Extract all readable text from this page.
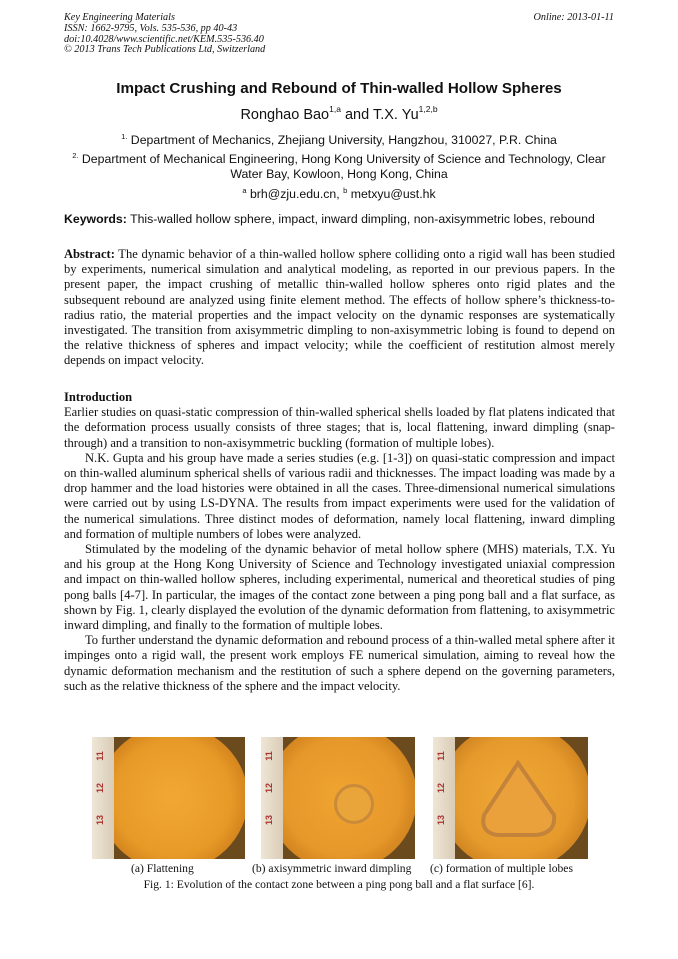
Key Engineering Materials
ISSN: 1662-9795, Vols. 535-536, pp 40-43
doi:10.4028/www.scientific.net/KEM.535-536.40
© 2013 Trans Tech Publications Ltd, Switzerland
Online: 2013-01-11
Impact Crushing and Rebound of Thin-walled Hollow Spheres
Ronghao Bao$^{1,a}$ and T.X. Yu$^{1,2,b}$
$^{1.}$ Department of Mechanics, Zhejiang University, Hangzhou, 310027, P.R. China
$^{2.}$ Department of Mechanical Engineering, Hong Kong University of Science and Technology, Clear Water Bay, Kowloon, Hong Kong, China
$^a$ brh@zju.edu.cn, $^b$ metxyu@ust.hk
Keywords: This-walled hollow sphere, impact, inward dimpling, non-axisymmetric lobes, rebound

Abstract: The dynamic behavior of a thin-walled hollow sphere colliding onto a rigid wall has been studied by experiments, numerical simulation and analytical modeling, as reported in our previous papers. In the present paper, the impact crushing of metallic thin-walled hollow spheres onto rigid plates and the subsequent rebound are analyzed using finite element method. The effects of hollow sphere’s thickness-to-radius ratio, the material properties and the impact velocity on the dynamic responses are systematically investigated. The transition from axisymmetric dimpling to non-axisymmetric lobing is found to depend on the relative thickness of spheres and impact velocity; while the coefficient of restitution almost merely depends on impact velocity.

Introduction

Earlier studies on quasi-static compression of thin-walled spherical shells loaded by flat platens indicated that the deformation process usually consists of three stages; that is, local flattening, inward dimpling (snap-through) and a transition to non-axisymmetric buckling (formation of multiple lobes).

N.K. Gupta and his group have made a series studies (e.g. [1-3]) on quasi-static compression and impact on thin-walled aluminum spherical shells of various radii and thicknesses. The impact loading was made by a drop hammer and the load histories were obtained in all the cases. Three-dimensional numerical simulations were carried out by using LS-DYNA. The results from impact experiments were used for the validation of the numerical simulations. Three distinct modes of deformation, namely local flattening, inward dimpling and formation of multiple numbers of lobes were analyzed.

Stimulated by the modeling of the dynamic behavior of metal hollow sphere (MHS) materials, T.X. Yu and his group at the Hong Kong University of Science and Technology investigated uniaxial compression and impact on thin-walled hollow spheres, including experimental, numerical and theoretical studies of ping pong balls [4-7]. In particular, the images of the contact zone between a ping pong ball and a flat surface, as shown by Fig. 1, clearly displayed the evolution of the dynamic deformation from flattening, to axisymmetric inward dimpling, and finally to the formation of multiple lobes.

To further understand the dynamic deformation and rebound process of a thin-walled metal sphere after it impinges onto a rigid wall, the present work employs FE numerical simulation, aiming to reveal how the dynamic deformation mechanism and the restitution of such a sphere depend on the governing parameters, such as the relative thickness of the sphere and the impact velocity.

11
12
13
11
12
13
11
12
13
(a) Flattening	(b) axisymmetric inward dimpling (c) formation of multiple lobes
Fig. 1: Evolution of the contact zone between a ping pong ball and a flat surface [6].
